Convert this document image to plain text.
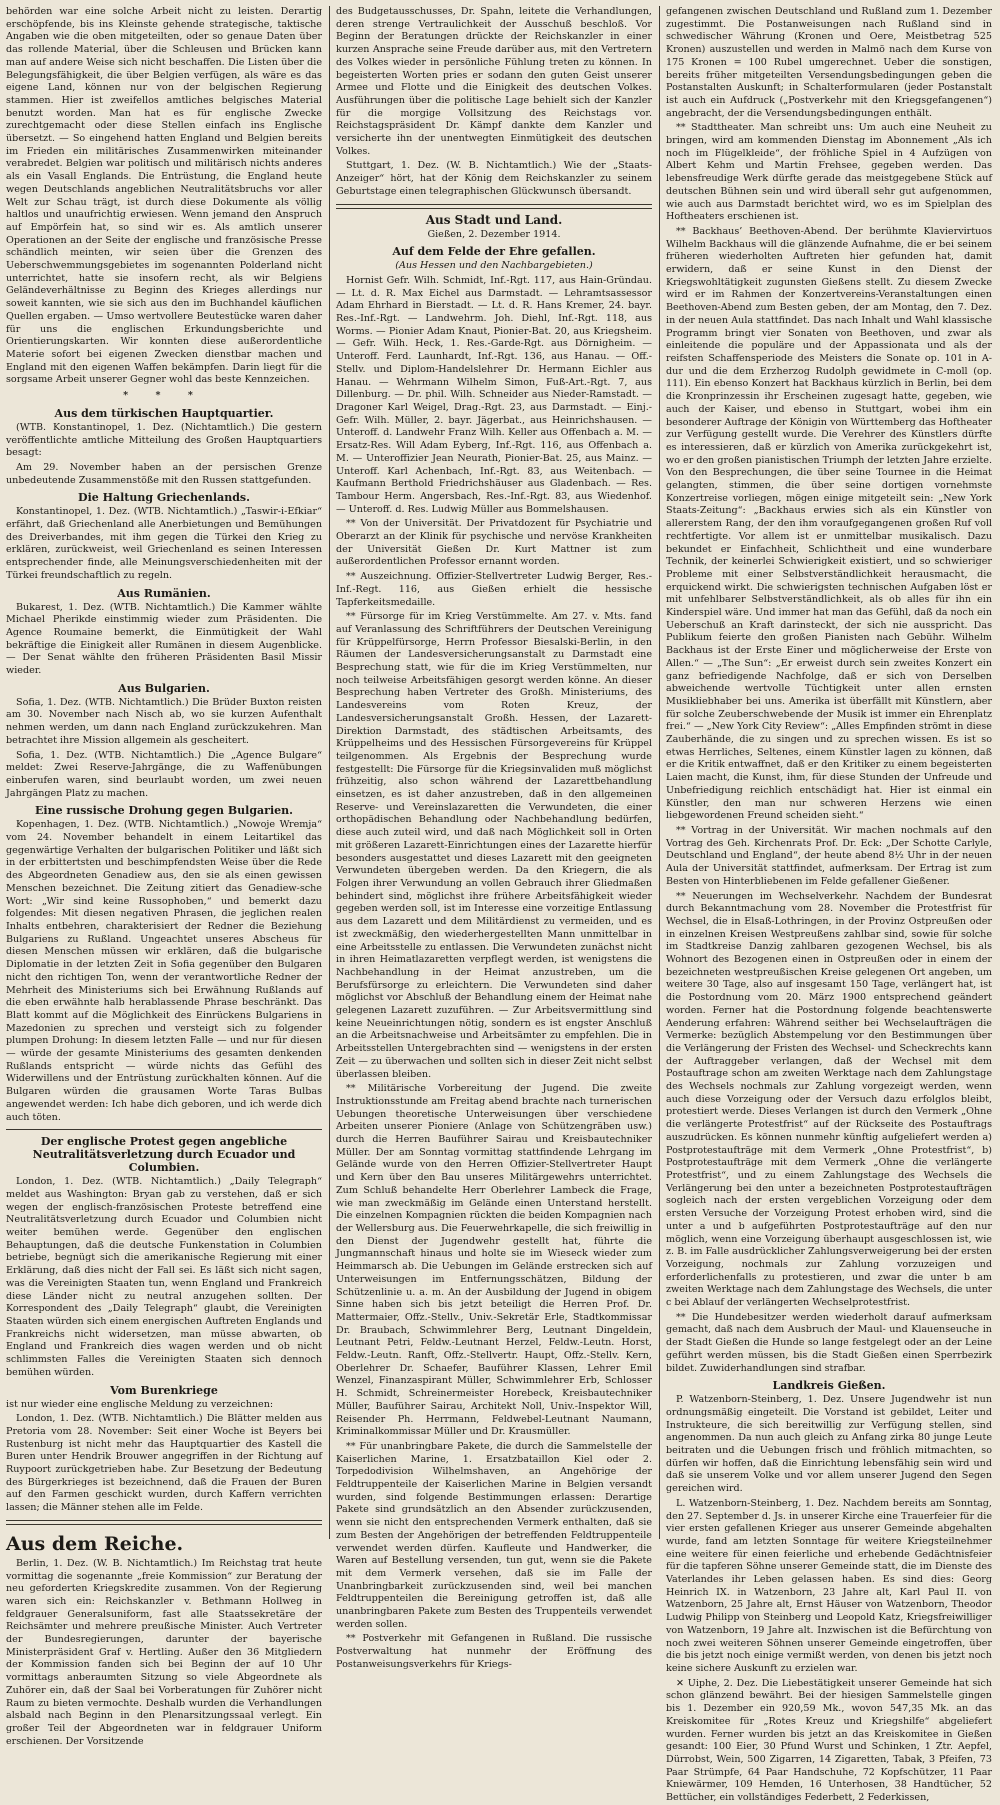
behörden war eine solche Arbeit nicht zu leisten. Derartig erschöpfende, bis ins Kleinste gehende strategische, taktische Angaben wie die oben mitgeteilten, oder so genaue Daten über das rollende Material, über die Schleusen und Brücken kann man auf andere Weise sich nicht beschaffen. Die Listen über die Belegungsfähigkeit, die über Belgien verfügen, als wäre es das eigene Land, können nur von der belgischen Regierung stammen. Hier ist zweifellos amtliches belgisches Material benutzt worden. Man hat es für englische Zwecke zurechtgemacht oder diese Stellen einfach ins Englische übersetzt. — So eingehend hatten England und Belgien bereits im Frieden ein militärisches Zusammenwirken miteinander verabredet. Belgien war politisch und militärisch nichts anderes als ein Vasall Englands. Die Entrüstung, die England heute wegen Deutschlands angeblichen Neutralitätsbruchs vor aller Welt zur Schau trägt, ist durch diese Dokumente als völlig haltlos und unaufrichtig erwiesen. Wenn jemand den Anspruch auf Empörfein hat, so sind wir es. Als amtlich unserer Operationen an der Seite der englische und französische Presse schändlich meinten, wir seien über die Grenzen des Ueberschwemmungsgebietes im sogenannten Polderland nicht unterrichtet, hatte sie insofern recht, als wir Belgiens Geländeverhältnisse zu Beginn des Krieges allerdings nur soweit kannten, wie sie sich aus den im Buchhandel käuflichen Quellen ergaben. — Umso wertvollere Beutestücke waren daher für uns die englischen Erkundungsberichte und Orientierungskarten. Wir konnten diese außerordentliche Materie sofort bei eigenen Zwecken dienstbar machen und England mit den eigenen Waffen bekämpfen. Darin liegt für die sorgsame Arbeit unserer Gegner wohl das beste Kennzeichen.

* * *
Aus dem türkischen Hauptquartier.

(WTB. Konstantinopel, 1. Dez. (Nichtamtlich.) Die gestern veröffentlichte amtliche Mitteilung des Großen Hauptquartiers besagt:

Am 29. November haben an der persischen Grenze unbedeutende Zusammenstöße mit den Russen stattgefunden.

Die Haltung Griechenlands.

Konstantinopel, 1. Dez. (WTB. Nichtamtlich.) „Taswir-i-Efkiar“ erfährt, daß Griechenland alle Anerbietungen und Bemühungen des Dreiverbandes, mit ihm gegen die Türkei den Krieg zu erklären, zurückweist, weil Griechenland es seinen Interessen entsprechender finde, alle Meinungsverschiedenheiten mit der Türkei freundschaftlich zu regeln.

Aus Rumänien.

Bukarest, 1. Dez. (WTB. Nichtamtlich.) Die Kammer wählte Michael Pherikde einstimmig wieder zum Präsidenten. Die Agence Roumaine bemerkt, die Einmütigkeit der Wahl bekräftige die Einigkeit aller Rumänen in diesem Augenblicke. — Der Senat wählte den früheren Präsidenten Basil Missir wieder.

Aus Bulgarien.

Sofia, 1. Dez. (WTB. Nichtamtlich.) Die Brüder Buxton reisten am 30. November nach Nisch ab, wo sie kurzen Aufenthalt nehmen werden, um dann nach England zurückzukehren. Man betrachtet ihre Mission allgemein als gescheitert.

Sofia, 1. Dez. (WTB. Nichtamtlich.) Die „Agence Bulgare“ meldet: Zwei Reserve-Jahrgänge, die zu Waffenübungen einberufen waren, sind beurlaubt worden, um zwei neuen Jahrgängen Platz zu machen.

Eine russische Drohung gegen Bulgarien.

Kopenhagen, 1. Dez. (WTB. Nichtamtlich.) „Nowoje Wremja“ vom 24. November behandelt in einem Leitartikel das gegenwärtige Verhalten der bulgarischen Politiker und läßt sich in der erbittertsten und beschimpfendsten Weise über die Rede des Abgeordneten Genadiew aus, den sie als einen gewissen Menschen bezeichnet. Die Zeitung zitiert das Genadiew-sche Wort: „Wir sind keine Russophoben,“ und bemerkt dazu folgendes: Mit diesen negativen Phrasen, die jeglichen realen Inhalts entbehren, charakterisiert der Redner die Beziehung Bulgariens zu Rußland. Ungeachtet unseres Abscheus für diesen Menschen müssen wir erklären, daß die bulgarische Diplomatie in der letzten Zeit in Sofia gegenüber den Bulgaren nicht den richtigen Ton, wenn der verantwortliche Redner der Mehrheit des Ministeriums sich bei Erwähnung Rußlands auf die eben erwähnte halb herablassende Phrase beschränkt. Das Blatt kommt auf die Möglichkeit des Einrückens Bulgariens in Mazedonien zu sprechen und versteigt sich zu folgender plumpen Drohung: In diesem letzten Falle — und nur für diesen — würde der gesamte Ministeriums des gesamten denkenden Rußlands entspricht — würde nichts das Gefühl des Widerwillens und der Entrüstung zurückhalten können. Auf die Bulgaren würden die grausamen Worte Taras Bulbas angewendet werden: Ich habe dich geboren, und ich werde dich auch töten.

Der englische Protest gegen angebliche Neutralitätsverletzung durch Ecuador und Columbien.

London, 1. Dez. (WTB. Nichtamtlich.) „Daily Telegraph“ meldet aus Washington: Bryan gab zu verstehen, daß er sich wegen der englisch-französischen Proteste betreffend eine Neutralitätsverletzung durch Ecuador und Columbien nicht weiter bemühen werde. Gegenüber den englischen Behauptungen, daß die deutsche Funkenstation in Columbien betriebe, begnügt sich die amerikanische Regierung mit einer Erklärung, daß dies nicht der Fall sei. Es läßt sich nicht sagen, was die Vereinigten Staaten tun, wenn England und Frankreich diese Länder nicht zu neutral anzugehen sollten. Der Korrespondent des „Daily Telegraph“ glaubt, die Vereinigten Staaten würden sich einem energischen Auftreten Englands und Frankreichs nicht widersetzen, man müsse abwarten, ob England und Frankreich dies wagen werden und ob nicht schlimmsten Falles die Vereinigten Staaten sich dennoch bemühen würden.

Vom Burenkriege

ist nur wieder eine englische Meldung zu verzeichnen:

London, 1. Dez. (WTB. Nichtamtlich.) Die Blätter melden aus Pretoria vom 28. November: Seit einer Woche ist Beyers bei Rustenburg ist nicht mehr das Hauptquartier des Kastell die Buren unter Hendrik Brouwer angegriffen in der Richtung auf Ruypoort zurückgetrieben habe. Zur Besetzung der Bedeutung des Bürgerkrieges ist bezeichnend, daß die Frauen der Buren auf den Farmen geschickt wurden, durch Kaffern verrichten lassen; die Männer stehen alle im Felde.

Aus dem Reiche.

Berlin, 1. Dez. (W. B. Nichtamtlich.) Im Reichstag trat heute vormittag die sogenannte „freie Kommission“ zur Beratung der neu geforderten Kriegskredite zusammen. Von der Regierung waren sich ein: Reichskanzler v. Bethmann Hollweg in feldgrauer Generalsuniform, fast alle Staatssekretäre der Reichsämter und mehrere preußische Minister. Auch Vertreter der Bundesregierungen, darunter der bayerische Ministerpräsident Graf v. Hertling. Außer den 36 Mitgliedern der Kommission fanden sich bei Beginn der auf 10 Uhr vormittags anberaumten Sitzung so viele Abgeordnete als Zuhörer ein, daß der Saal bei Vorberatungen für Zuhörer nicht Raum zu bieten vermochte. Deshalb wurden die Verhandlungen alsbald nach Beginn in den Plenarsitzungssaal verlegt. Ein großer Teil der Abgeordneten war in feldgrauer Uniform erschienen. Der Vorsitzende

des Budgetausschusses, Dr. Spahn, leitete die Verhandlungen, deren strenge Vertraulichkeit der Ausschuß beschloß. Vor Beginn der Beratungen drückte der Reichskanzler in einer kurzen Ansprache seine Freude darüber aus, mit den Vertretern des Volkes wieder in persönliche Fühlung treten zu können. In begeisterten Worten pries er sodann den guten Geist unserer Armee und Flotte und die Einigkeit des deutschen Volkes. Ausführungen über die politische Lage behielt sich der Kanzler für die morgige Vollsitzung des Reichstags vor. Reichstagspräsident Dr. Kämpf dankte dem Kanzler und versicherte ihn der unentwegten Einmütigkeit des deutschen Volkes.

Stuttgart, 1. Dez. (W. B. Nichtamtlich.) Wie der „Staats-Anzeiger“ hört, hat der König dem Reichskanzler zu seinem Geburtstage einen telegraphischen Glückwunsch übersandt.

Aus Stadt und Land.
Gießen, 2. Dezember 1914.
Auf dem Felde der Ehre gefallen.
(Aus Hessen und den Nachbargebieten.)

Hornist Gefr. Wilh. Schmidt, Inf.-Rgt. 117, aus Hain-Gründau. — Lt. d. R. Max Eichel aus Darmstadt. — Lehramtsassessor Adam Ehrhard in Bierstadt. — Lt. d. R. Hans Kremer, 24. bayr. Res.-Inf.-Rgt. — Landwehrm. Joh. Diehl, Inf.-Rgt. 118, aus Worms. — Pionier Adam Knaut, Pionier-Bat. 20, aus Kriegsheim. — Gefr. Wilh. Heck, 1. Res.-Garde-Rgt. aus Dörnigheim. — Unteroff. Ferd. Launhardt, Inf.-Rgt. 136, aus Hanau. — Off.-Stellv. und Diplom-Handelslehrer Dr. Hermann Eichler aus Hanau. — Wehrmann Wilhelm Simon, Fuß-Art.-Rgt. 7, aus Dillenburg. — Dr. phil. Wilh. Schneider aus Nieder-Ramstadt. — Dragoner Karl Weigel, Drag.-Rgt. 23, aus Darmstadt. — Einj.-Gefr. Wilh. Müller, 2. bayr. Jägerbat., aus Heinrichshausen. — Unteroff. d. Landwehr Franz Wilh. Keller aus Offenbach a. M. — Ersatz-Res. Will Adam Eyberg, Inf.-Rgt. 116, aus Offenbach a. M. — Unteroffizier Jean Neurath, Pionier-Bat. 25, aus Mainz. — Unteroff. Karl Achenbach, Inf.-Rgt. 83, aus Weitenbach. — Kaufmann Berthold Friedrichshäuser aus Gladenbach. — Res. Tambour Herm. Angersbach, Res.-Inf.-Rgt. 83, aus Wiedenhof. — Unteroff. d. Res. Ludwig Müller aus Bommelshausen.

** Von der Universität. Der Privatdozent für Psychiatrie und Oberarzt an der Klinik für psychische und nervöse Krankheiten der Universität Gießen Dr. Kurt Mattner ist zum außerordentlichen Professor ernannt worden.

** Auszeichnung. Offizier-Stellvertreter Ludwig Berger, Res.-Inf.-Regt. 116, aus Gießen erhielt die hessische Tapferkeitsmedaille.

** Fürsorge für im Krieg Verstümmelte. Am 27. v. Mts. fand auf Veranlassung des Schriftführers der Deutschen Vereinigung für Krüppelfürsorge, Herrn Professor Biesalski-Berlin, in den Räumen der Landesversicherungsanstalt zu Darmstadt eine Besprechung statt, wie für die im Krieg Verstümmelten, nur noch teilweise Arbeitsfähigen gesorgt werden könne. An dieser Besprechung haben Vertreter des Großh. Ministeriums, des Landesvereins vom Roten Kreuz, der Landesversicherungsanstalt Großh. Hessen, der Lazarett-Direktion Darmstadt, des städtischen Arbeitsamts, des Krüppelheims und des Hessischen Fürsorgevereins für Krüppel teilgenommen. Als Ergebnis der Besprechung wurde festgestellt: Die Fürsorge für die Kriegsinvaliden muß möglichst frühzeitig, also schon während der Lazarettbehandlung einsetzen, es ist daher anzustreben, daß in den allgemeinen Reserve- und Vereinslazaretten die Verwundeten, die einer orthopädischen Behandlung oder Nachbehandlung bedürfen, diese auch zuteil wird, und daß nach Möglichkeit soll in Orten mit größeren Lazarett-Einrichtungen eines der Lazarette hierfür besonders ausgestattet und dieses Lazarett mit den geeigneten Verwundeten übergeben werden. Da den Kriegern, die als Folgen ihrer Verwundung an vollen Gebrauch ihrer Gliedmaßen behindert sind, möglichst ihre frühere Arbeitsfähigkeit wieder gegeben werden soll, ist im Interesse eine vorzeitige Entlassung aus dem Lazarett und dem Militärdienst zu vermeiden, und es ist zweckmäßig, den wiederhergestellten Mann unmittelbar in eine Arbeitsstelle zu entlassen. Die Verwundeten zunächst nicht in ihren Heimatlazaretten verpflegt werden, ist wenigstens die Nachbehandlung in der Heimat anzustreben, um die Berufsfürsorge zu erleichtern. Die Verwundeten sind daher möglichst vor Abschluß der Behandlung einem der Heimat nahe gelegenen Lazarett zuzuführen. — Zur Arbeitsvermittlung sind keine Neueinrichtungen nötig, sondern es ist engster Anschluß an die Arbeitsnachweise und Arbeitsämter zu empfehlen. Die in Arbeitsstellen Untergebrachten sind — wenigstens in der ersten Zeit — zu überwachen und sollten sich in dieser Zeit nicht selbst überlassen bleiben.

** Militärische Vorbereitung der Jugend. Die zweite Instruktionsstunde am Freitag abend brachte nach turnerischen Uebungen theoretische Unterweisungen über verschiedene Arbeiten unserer Pioniere (Anlage von Schützengräben usw.) durch die Herren Bauführer Sairau und Kreisbautechniker Müller. Der am Sonntag vormittag stattfindende Lehrgang im Gelände wurde von den Herren Offizier-Stellvertreter Haupt und Kern über den Bau unseres Militärgewehrs unterrichtet. Zum Schluß behandelte Herr Oberlehrer Lambeck die Frage, wie man zweckmäßig im Gelände einen Unterstand herstellt. Die einzelnen Kompagnien rückten die beiden Kompagnien nach der Wellersburg aus. Die Feuerwehrkapelle, die sich freiwillig in den Dienst der Jugendwehr gestellt hat, führte die Jungmannschaft hinaus und holte sie im Wieseck wieder zum Heimmarsch ab. Die Uebungen im Gelände erstrecken sich auf Unterweisungen im Entfernungsschätzen, Bildung der Schützenlinie u. a. m. An der Ausbildung der Jugend in obigem Sinne haben sich bis jetzt beteiligt die Herren Prof. Dr. Mattermaier, Offz.-Stellv., Univ.-Sekretär Erle, Stadtkommissar Dr. Braubach, Schwimmlehrer Berg, Leutnant Dingeldein, Leutnant Petri, Feldw.-Leutnant Herzel, Feldw.-Leutn. Horst, Feldw.-Leutn. Ranft, Offz.-Stellvertr. Haupt, Offz.-Stellv. Kern, Oberlehrer Dr. Schaefer, Bauführer Klassen, Lehrer Emil Wenzel, Finanzaspirant Müller, Schwimmlehrer Erb, Schlosser H. Schmidt, Schreinermeister Horebeck, Kreisbautechniker Müller, Bauführer Sairau, Architekt Noll, Univ.-Inspektor Will, Reisender Ph. Herrmann, Feldwebel-Leutnant Naumann, Kriminalkommissar Müller und Dr. Krausmüller.

** Für unanbringbare Pakete, die durch die Sammelstelle der Kaiserlichen Marine, 1. Ersatzbataillon Kiel oder 2. Torpedodivision Wilhelmshaven, an Angehörige der Feldtruppenteile der Kaiserlichen Marine in Belgien versandt wurden, sind folgende Bestimmungen erlassen: Derartige Pakete sind grundsätzlich an den Absender zurückzusenden, wenn sie nicht den entsprechenden Vermerk enthalten, daß sie zum Besten der Angehörigen der betreffenden Feldtruppenteile verwendet werden dürfen. Kaufleute und Handwerker, die Waren auf Bestellung versenden, tun gut, wenn sie die Pakete mit dem Vermerk versehen, daß sie im Falle der Unanbringbarkeit zurückzusenden sind, weil bei manchen Feldtruppenteilen die Bereinigung getroffen ist, daß alle unanbringbaren Pakete zum Besten des Truppenteils verwendet werden sollen.

** Postverkehr mit Gefangenen in Rußland. Die russische Postverwaltung hat nunmehr der Eröffnung des Postanweisungsverkehrs für Kriegs-

gefangenen zwischen Deutschland und Rußland zum 1. Dezember zugestimmt. Die Postanweisungen nach Rußland sind in schwedischer Währung (Kronen und Oere, Meistbetrag 525 Kronen) auszustellen und werden in Malmö nach dem Kurse von 175 Kronen = 100 Rubel umgerechnet. Ueber die sonstigen, bereits früher mitgeteilten Versendungsbedingungen geben die Postanstalten Auskunft; in Schalterformularen (jeder Postanstalt ist auch ein Aufdruck („Postverkehr mit den Kriegsgefangenen“) angebracht, der die Versendungsbedingungen enthält.

** Stadttheater. Man schreibt uns: Um auch eine Neuheit zu bringen, wird am kommenden Dienstag im Abonnement „Als ich noch im Flügelkleide“, der fröhliche Spiel in 4 Aufzügen von Albert Kehm und Martin Frehsee, gegeben werden. Das lebensfreudige Werk dürfte gerade das meistgegebene Stück auf deutschen Bühnen sein und wird überall sehr gut aufgenommen, wie auch aus Darmstadt berichtet wird, wo es im Spielplan des Hoftheaters erschienen ist.

** Backhaus’ Beethoven-Abend. Der berühmte Klaviervirtuos Wilhelm Backhaus will die glänzende Aufnahme, die er bei seinem früheren wiederholten Auftreten hier gefunden hat, damit erwidern, daß er seine Kunst in den Dienst der Kriegswohltätigkeit zugunsten Gießens stellt. Zu diesem Zwecke wird er im Rahmen der Konzertvereins-Veranstaltungen einen Beethoven-Abend zum Besten geben, der am Montag, den 7. Dez. in der neuen Aula stattfindet. Das nach Inhalt und Wahl klassische Programm bringt vier Sonaten von Beethoven, und zwar als einleitende die populäre und der Appassionata und als der reifsten Schaffensperiode des Meisters die Sonate op. 101 in A-dur und die dem Erzherzog Rudolph gewidmete in C-moll (op. 111). Ein ebenso Konzert hat Backhaus kürzlich in Berlin, bei dem die Kronprinzessin ihr Erscheinen zugesagt hatte, gegeben, wie auch der Kaiser, und ebenso in Stuttgart, wobei ihm ein besonderer Auftrage der Königin von Württemberg das Hoftheater zur Verfügung gestellt wurde. Die Verehrer des Künstlers dürfte es interessieren, daß er kürzlich von Amerika zurückgekehrt ist, wo er den großen pianistischen Triumph der letzten Jahre erzielte. Von den Besprechungen, die über seine Tournee in die Heimat gelangten, stimmen, die über seine dortigen vornehmste Konzertreise vorliegen, mögen einige mitgeteilt sein: „New York Staats-Zeitung“: „Backhaus erwies sich als ein Künstler von allererstem Rang, der den ihm voraufgegangenen großen Ruf voll rechtfertigte. Vor allem ist er unmittelbar musikalisch. Dazu bekundet er Einfachheit, Schlichtheit und eine wunderbare Technik, der keinerlei Schwierigkeit existiert, und so schwieriger Probleme mit einer Selbstverständlichkeit herausmacht, die erquickend wirkt. Die schwierigsten technischen Aufgaben löst er mit unfehlbarer Selbstverständlichkeit, als ob alles für ihn ein Kinderspiel wäre. Und immer hat man das Gefühl, daß da noch ein Ueberschuß an Kraft darinsteckt, der sich nie ausspricht. Das Publikum feierte den großen Pianisten nach Gebühr. Wilhelm Backhaus ist der Erste Einer und möglicherweise der Erste von Allen.“ — „The Sun“: „Er erweist durch sein zweites Konzert ein ganz befriedigende Nachfolge, daß er sich von Derselben abweichende wertvolle Tüchtigkeit unter allen ernsten Musikliebhaber bei uns. Amerika ist überfällt mit Künstlern, aber für solche Zeuberschwebende der Musik ist immer ein Ehrenplatz frei.“ — „New York City Review“: „Alles Empfinden strömt in diese Zauberhände, die zu singen und zu sprechen wissen. Es ist so etwas Herrliches, Seltenes, einem Künstler lagen zu können, daß er die Kritik entwaffnet, daß er den Kritiker zu einem begeisterten Laien macht, die Kunst, ihm, für diese Stunden der Unfreude und Unbefriedigung reichlich entschädigt hat. Hier ist einmal ein Künstler, den man nur schweren Herzens wie einen liebgewordenen Freund scheiden sieht.“

** Vortrag in der Universität. Wir machen nochmals auf den Vortrag des Geh. Kirchenrats Prof. Dr. Eck: „Der Schotte Carlyle, Deutschland und England“, der heute abend 8½ Uhr in der neuen Aula der Universität stattfindet, aufmerksam. Der Ertrag ist zum Besten von Hinterbliebenen im Felde gefallener Gießener.

** Neuerungen im Wechselverkehr. Nachdem der Bundesrat durch Bekanntmachung vom 28. November die Protestfrist für Wechsel, die in Elsaß-Lothringen, in der Provinz Ostpreußen oder in einzelnen Kreisen Westpreußens zahlbar sind, sowie für solche im Stadtkreise Danzig zahlbaren gezogenen Wechsel, bis als Wohnort des Bezogenen einen in Ostpreußen oder in einem der bezeichneten westpreußischen Kreise gelegenen Ort angeben, um weitere 30 Tage, also auf insgesamt 150 Tage, verlängert hat, ist die Postordnung vom 20. März 1900 entsprechend geändert worden. Ferner hat die Postordnung folgende beachtenswerte Aenderung erfahren: Während seither bei Wechselaufträgen die Vermerke: bezüglich Abstempelung vor den Bestimmungen über die Verlängerung der Fristen des Wechsel- und Scheckrechts kann der Auftraggeber verlangen, daß der Wechsel mit dem Postauftrage schon am zweiten Werktage nach dem Zahlungstage des Wechsels nochmals zur Zahlung vorgezeigt werden, wenn auch diese Vorzeigung oder der Versuch dazu erfolglos bleibt, protestiert werde. Dieses Verlangen ist durch den Vermerk „Ohne die verlängerte Protestfrist“ auf der Rückseite des Postauftrags auszudrücken. Es können nunmehr künftig aufgeliefert werden a) Postprotestaufträge mit dem Vermerk „Ohne Protestfrist“, b) Postprotestaufträge mit dem Vermerk „Ohne die verlängerte Protestfrist“, und zu einem Zahlungstage des Wechsels die Verlängerung bei den unter a bezeichneten Postprotestaufträgen sogleich nach der ersten vergeblichen Vorzeigung oder dem ersten Versuche der Vorzeigung Protest erhoben wird, sind die unter a und b aufgeführten Postprotestaufträge auf den nur möglich, wenn eine Vorzeigung überhaupt ausgeschlossen ist, wie z. B. im Falle ausdrücklicher Zahlungsverweigerung bei der ersten Vorzeigung, nochmals zur Zahlung vorzuzeigen und erforderlichenfalls zu protestieren, und zwar die unter b am zweiten Werktage nach dem Zahlungstage des Wechsels, die unter c bei Ablauf der verlängerten Wechselprotestfrist.

** Die Hundebesitzer werden wiederholt darauf aufmerksam gemacht, daß nach dem Ausbruch der Maul- und Klauenseuche in der Stadt Gießen die Hunde so lange festgelegt oder an der Leine geführt werden müssen, bis die Stadt Gießen einen Sperrbezirk bildet. Zuwiderhandlungen sind strafbar.

Landkreis Gießen.

P. Watzenborn-Steinberg, 1. Dez. Unsere Jugendwehr ist nun ordnungsmäßig eingeteilt. Die Vorstand ist gebildet, Leiter und Instrukteure, die sich bereitwillig zur Verfügung stellen, sind angenommen. Da nun auch gleich zu Anfang zirka 80 junge Leute beitraten und die Uebungen frisch und fröhlich mitmachten, so dürfen wir hoffen, daß die Einrichtung lebensfähig sein wird und daß sie unserem Volke und vor allem unserer Jugend den Segen gereichen wird.

L. Watzenborn-Steinberg, 1. Dez. Nachdem bereits am Sonntag, den 27. September d. Js. in unserer Kirche eine Trauerfeier für die vier ersten gefallenen Krieger aus unserer Gemeinde abgehalten wurde, fand am letzten Sonntage für weitere Kriegsteilnehmer eine weitere für einen feierliche und erhebende Gedächtnisfeier für die tapferen Söhne unserer Gemeinde statt, die im Dienste des Vaterlandes ihr Leben gelassen haben. Es sind dies: Georg Heinrich IX. in Watzenborn, 23 Jahre alt, Karl Paul II. von Watzenborn, 25 Jahre alt, Ernst Häuser von Watzenborn, Theodor Ludwig Philipp von Steinberg und Leopold Katz, Kriegsfreiwilliger von Watzenborn, 19 Jahre alt. Inzwischen ist die Befürchtung von noch zwei weiteren Söhnen unserer Gemeinde eingetroffen, über die bis jetzt noch einige vermißt werden, von denen bis jetzt noch keine sichere Auskunft zu erzielen war.

✕ Uiphe, 2. Dez. Die Liebestätigkeit unserer Gemeinde hat sich schon glänzend bewährt. Bei der hiesigen Sammelstelle gingen bis 1. Dezember ein 920,59 Mk., wovon 547,35 Mk. an das Kreiskomitee für „Rotes Kreuz und Kriegshilfe“ abgeliefert wurden. Ferner wurden bis jetzt an das Kreiskomitee in Gießen gesandt: 100 Eier, 30 Pfund Wurst und Schinken, 1 Ztr. Aepfel, Dürrobst, Wein, 500 Zigarren, 14 Zigaretten, Tabak, 3 Pfeifen, 73 Paar Strümpfe, 64 Paar Handschuhe, 72 Kopfschützer, 11 Paar Kniewärmer, 109 Hemden, 16 Unterhosen, 38 Handtücher, 52 Bettücher, ein vollständiges Federbett, 2 Federkissen,
